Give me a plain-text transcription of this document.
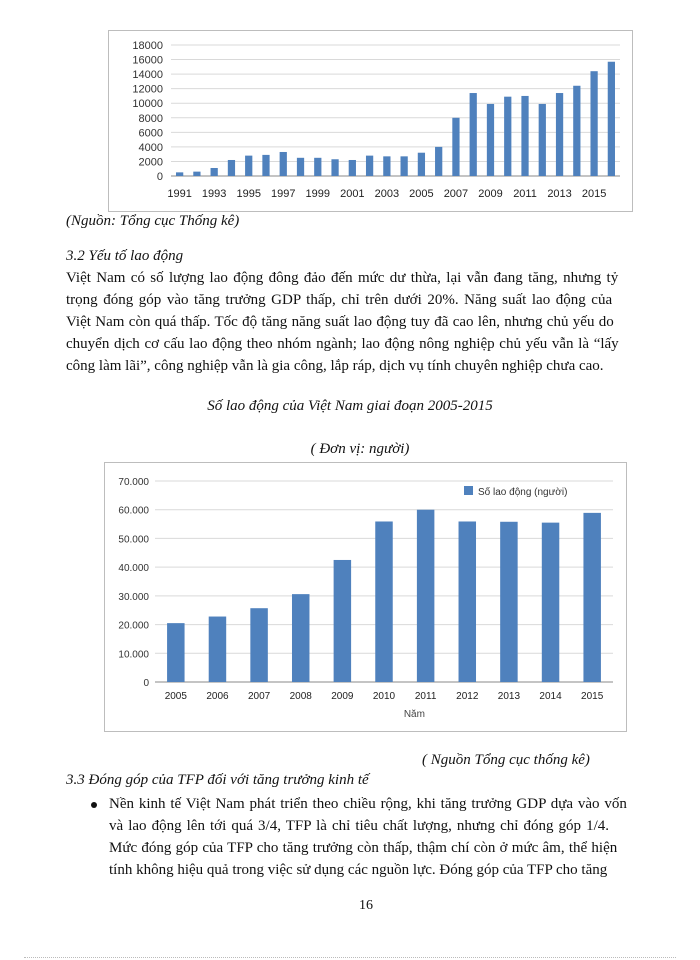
0
2000
4000
6000
8000
10000
12000
14000
16000
18000
1991 1993 1995 1997 1999 2001 2003 2005 2007 2009 2011 2013 2015
(Nguồn: Tổng cục Thống kê)
3.2 Yếu tố lao động
Việt Nam có số lượng lao động đông đảo đến mức dư thừa, lại vẫn đang tăng, nhưng tỷ
trọng đóng góp vào tăng trưởng GDP thấp, chỉ trên dưới 20%. Năng suất lao động của
Việt Nam còn quá thấp. Tốc độ tăng năng suất lao động tuy đã cao lên, nhưng chủ yếu do
chuyển dịch cơ cấu lao động theo nhóm ngành; lao động nông nghiệp chủ yếu vẫn là “lấy
công làm lãi”, công nghiệp vẫn là gia công, lắp ráp, dịch vụ tính chuyên nghiệp chưa cao.
Số lao động của Việt Nam giai đoạn 2005-2015
( Đơn vị: người)
0
10.000
20.000
30.000
40.000
50.000
60.000
70.000
2005 2006 2007 2008 2009 2010 2011 2012 2013 2014 2015
Năm
Số lao động (người)
( Nguồn Tổng cục thống kê)
3.3 Đóng góp của TFP đối với tăng trưởng kinh tế
Nền kinh tế Việt Nam phát triển theo chiều rộng, khi tăng trưởng GDP dựa vào vốn
và lao động lên tới quá 3/4, TFP là chỉ tiêu chất lượng, nhưng chỉ đóng góp 1/4.
Mức đóng góp của TFP cho tăng trưởng còn thấp, thậm chí còn ở mức âm, thể hiện
tính không hiệu quả trong việc sử dụng các nguồn lực. Đóng góp của TFP cho tăng
16
